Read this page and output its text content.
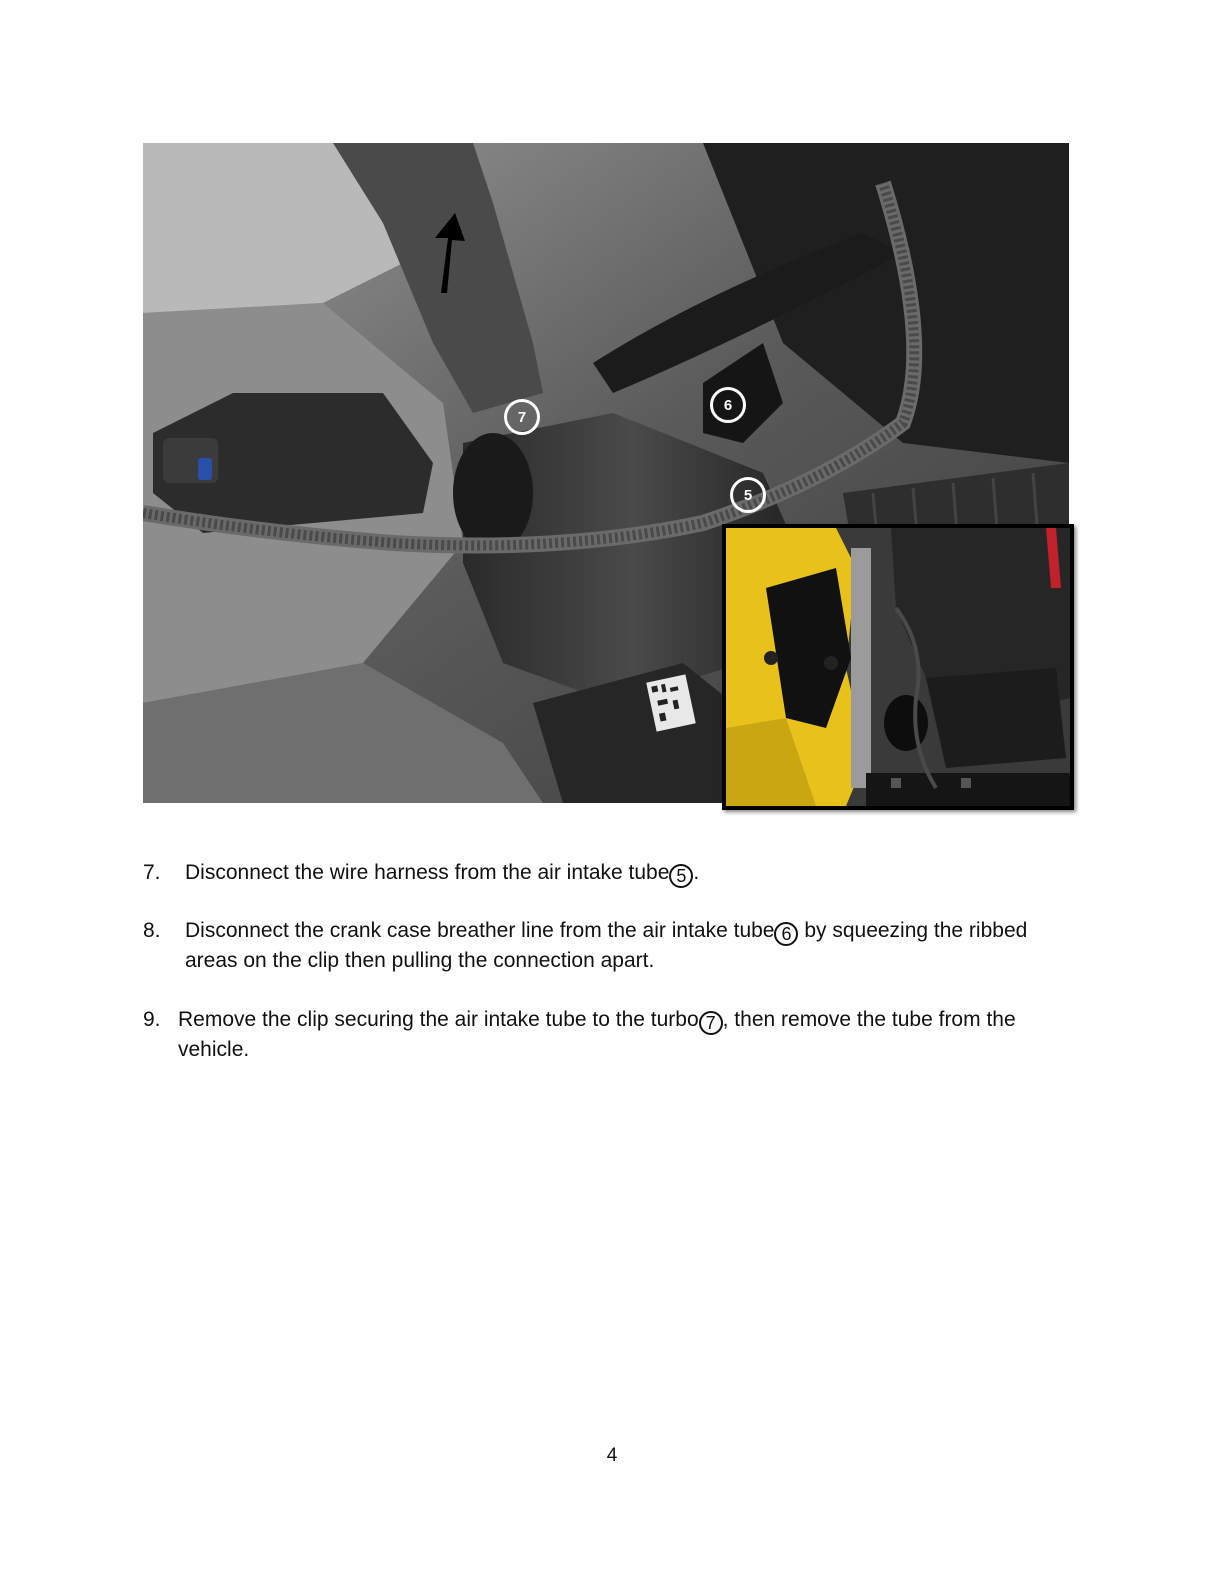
7
6
5
7. Disconnect the wire harness from the air intake tube 5 .
8. Disconnect the crank case breather line from the air intake tube 6 by squeezing the ribbed areas on the clip then pulling the connection apart.
9. Remove the clip securing the air intake tube to the turbo 7 , then remove the tube from the vehicle.
4
